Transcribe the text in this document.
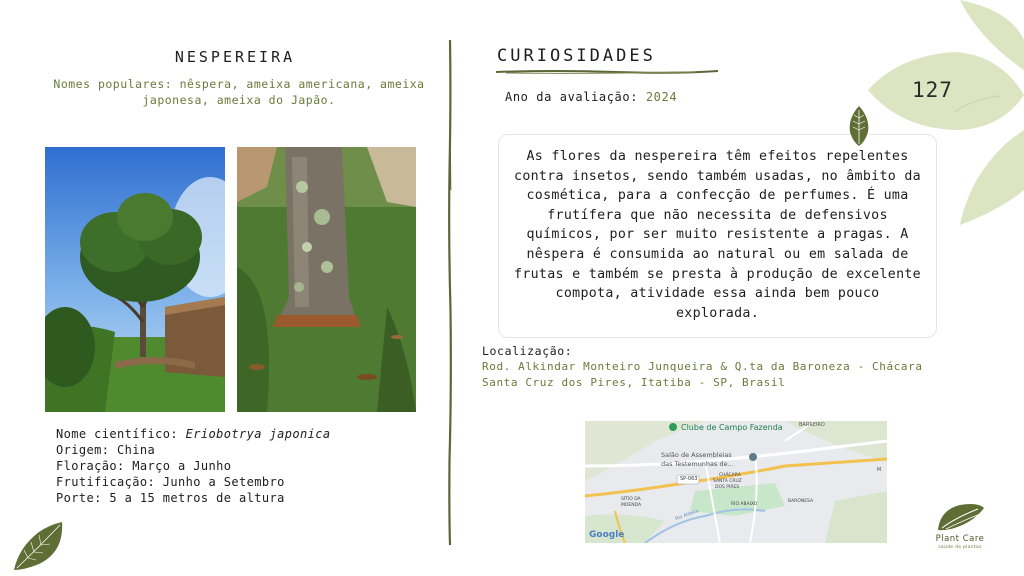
NESPEREIRA
Nomes populares: nêspera, ameixa americana, ameixa japonesa, ameixa do Japão.
Nome científico: Eriobotrya japonica
Origem: China
Floração: Março a Junho
Frutificação: Junho a Setembro
Porte: 5 a 15 metros de altura
CURIOSIDADES
Ano da avaliação: 2024

As flores da nespereira têm efeitos repelentes contra insetos, sendo também usadas, no âmbito da cosmética, para a confecção de perfumes. É uma frutífera que não necessita de defensivos químicos, por ser muito resistente a pragas. A nêspera é consumida ao natural ou em salada de frutas e também se presta à produção de excelente compota, atividade essa ainda bem pouco explorada.

Localização:
Rod. Alkindar Monteiro Junqueira & Q.ta da Baroneza - Chácara Santa Cruz dos Pires, Itatiba - SP, Brasil
Clube de Campo Fazenda	BARREIRO
Salão de Assembleias
das Testemunhas de...
SP-063
CHÁCARA
SANTA CRUZ
DOS PIRES
SÍTIO DA
MOENDA
BARONESA
RIO ABAIXO
Rio Atibaia
M
Google
127
Plant Care
saúde de plantas
